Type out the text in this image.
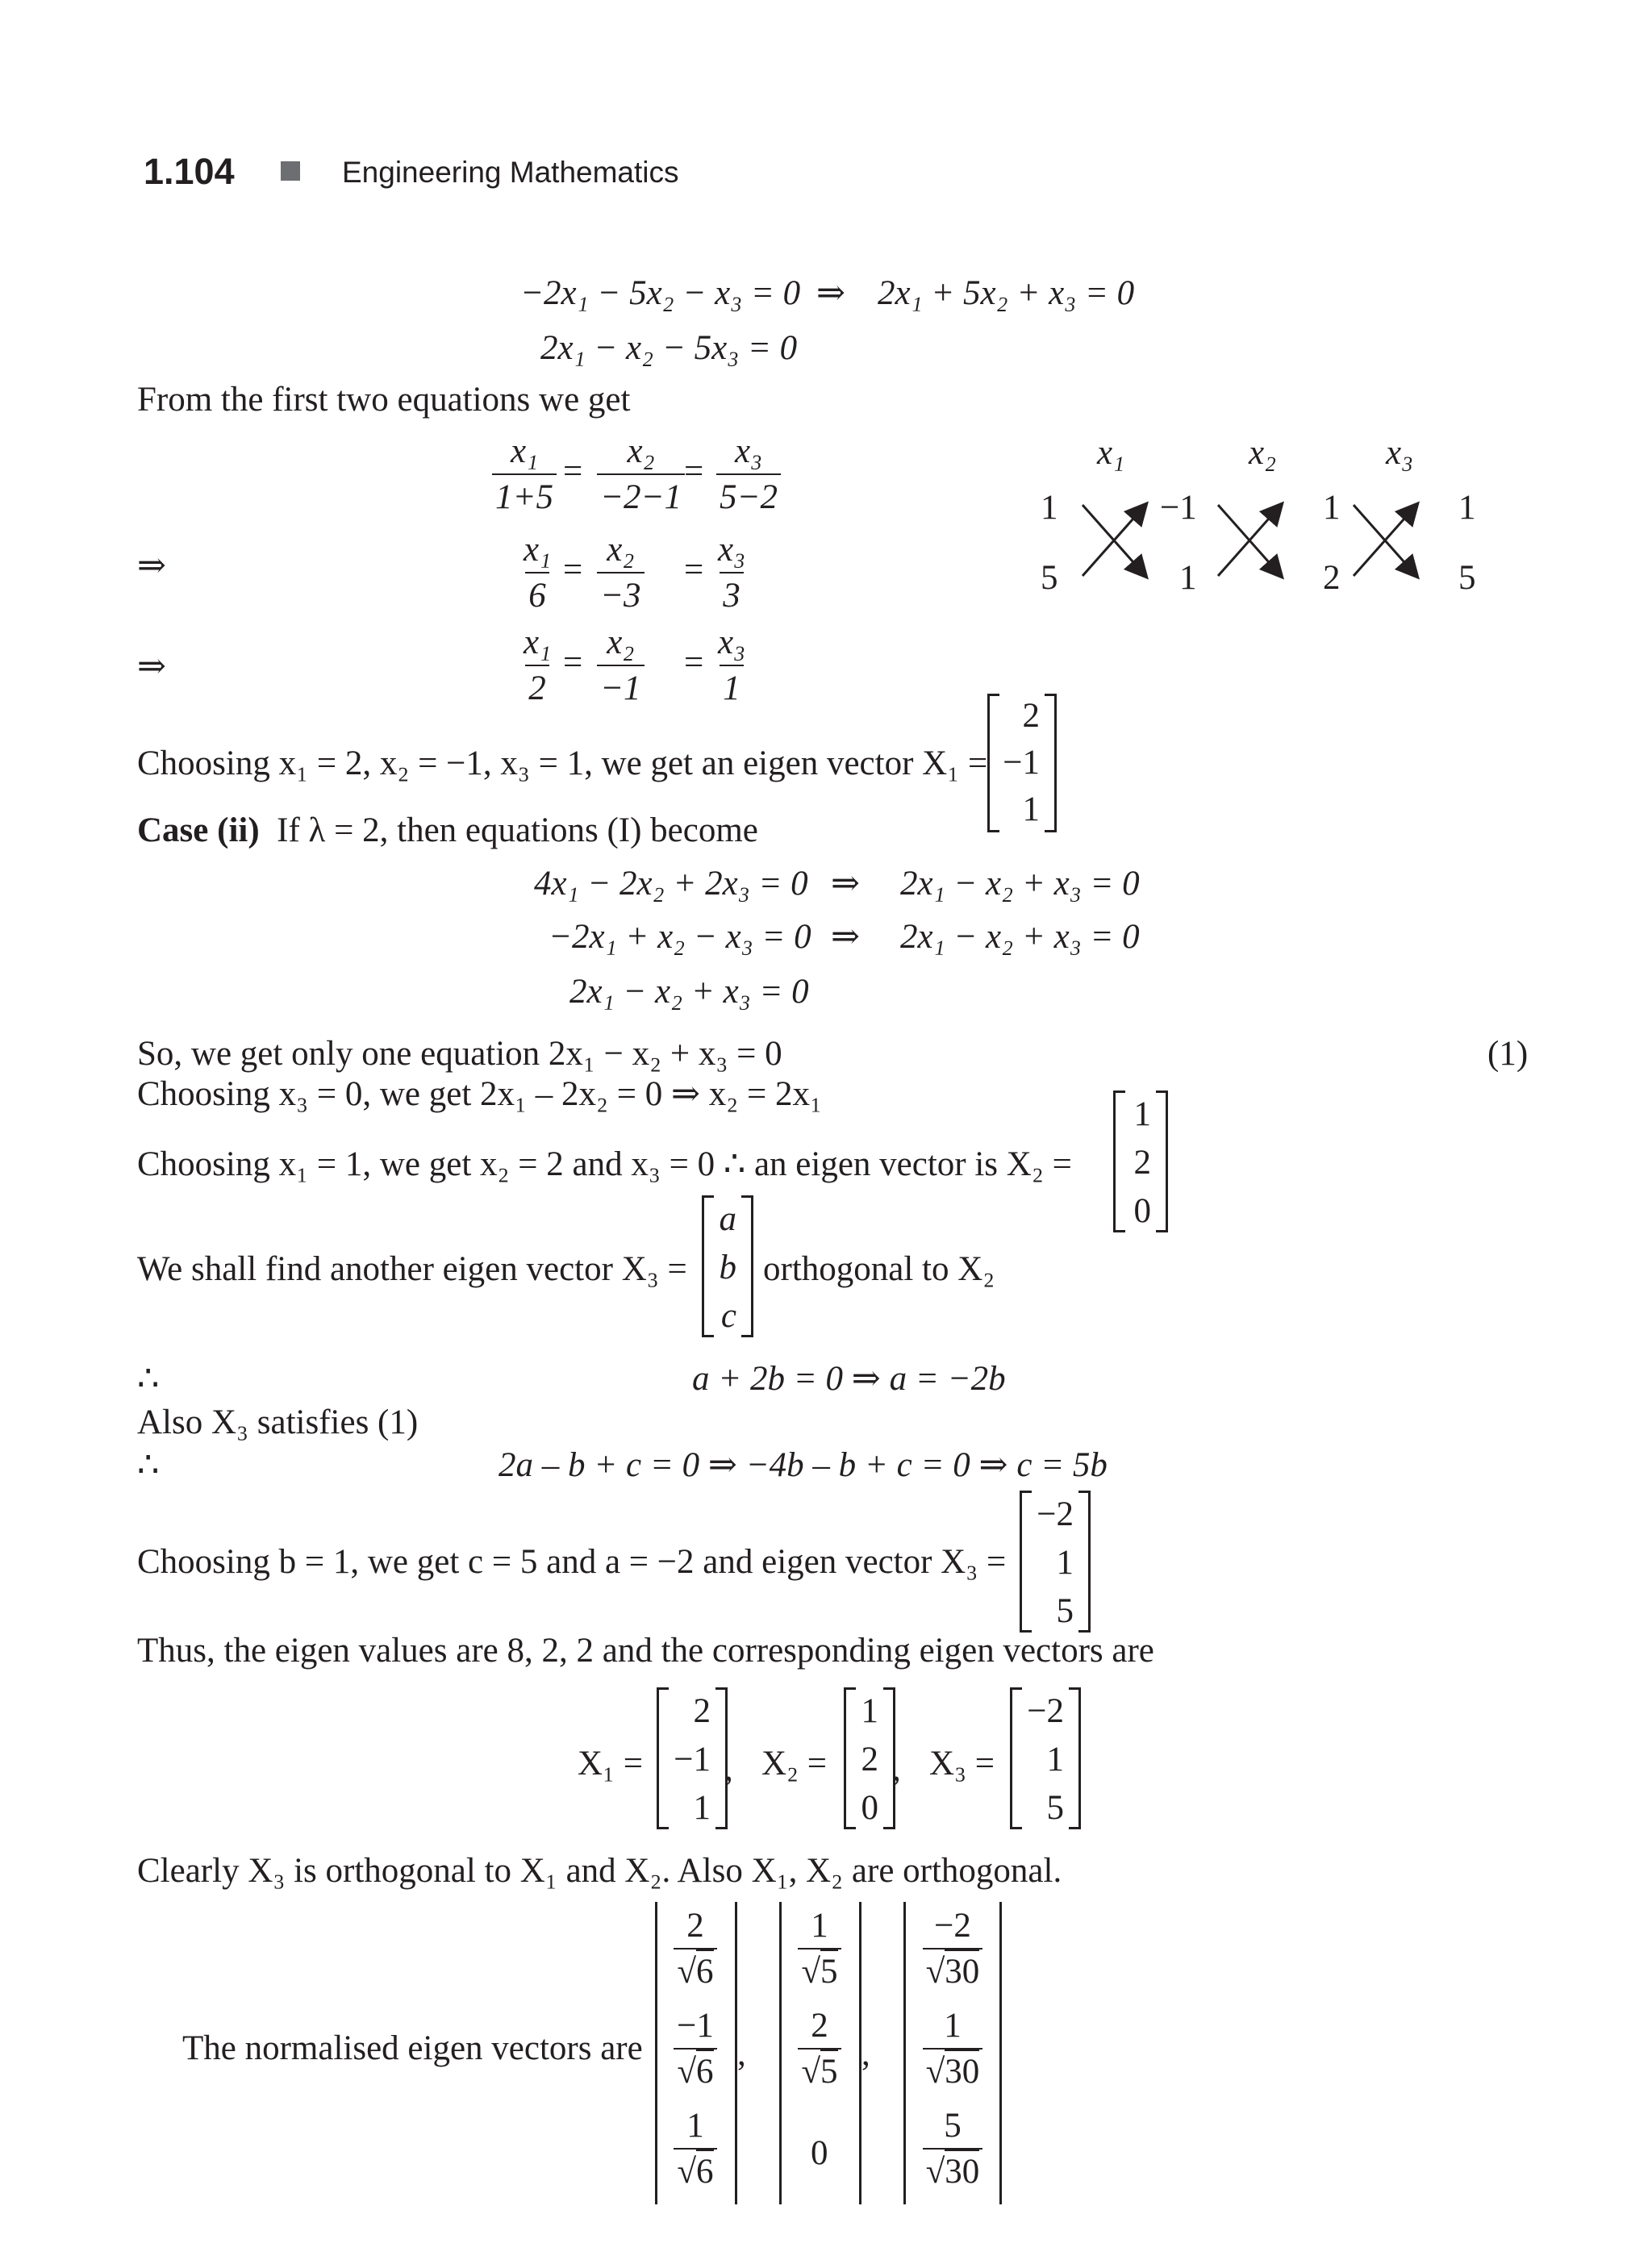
1.104	Engineering Mathematics
−2x₁ − 5x₂ − x₃ = 0 ⇒ 2x₁ + 5x₂ + x₃ = 0
2x₁ − x₂ − 5x₃ = 0
From the first two equations we get
$\frac{\text{x₁}}{1+5} = \frac{\text{x₂}}{-2-1}$
= $\frac{\text{x₃}}{5-2}$
⇒	$\frac{\text{x₁}}{6} = \frac{\text{x₂}}{-3} = \frac{\text{x₃}}{3}$
⇒	$\frac{\text{x₁}}{2} = \frac{\text{x₂}}{-1} = \frac{\text{x₃}}{1}$
x₁	x₂	x₃
1	−1	1	1
5	1	2	5
Choosing x₁ = 2, x₂ = −1, x₃ = 1, we get an eigen vector X₁ =
2
−1
1
Case (ii) If λ = 2, then equations (I) become
4x₁ − 2x₂ + 2x₃ = 0 ⇒ 2x₁ − x₂ + x₃ = 0
−2x₁ + x₂ − x₃ = 0 ⇒ 2x₁ − x₂ + x₃ = 0
2x₁ − x₂ + x₃ = 0
So, we get only one equation 2x₁ − x₂ + x₃ = 0	(1)
Choosing x₃ = 0, we get 2x₁ – 2x₂ = 0 ⇒ x₂ = 2x₁
Choosing x₁ = 1, we get x₂ = 2 and x₃ = 0 ∴ an eigen vector is X₂ =
1
2
0
We shall find another eigen vector X₃ =
a
b
c
orthogonal to X₂
∴	a + 2b = 0 ⇒ a = −2b
Also X₃ satisfies (1)
∴	2a – b + c = 0 ⇒ −4b – b + c = 0 ⇒ c = 5b
Choosing b = 1, we get c = 5 and a = −2 and eigen vector X₃ =
−2
1
5
Thus, the eigen values are 8, 2, 2 and the corresponding eigen vectors are
X₁ =
2
−1
1
, X₂ =
1
2
0
, X₃ =
−2
1
5
Clearly X₃ is orthogonal to X₁ and X₂. Also X₁, X₂ are orthogonal.
The normalised eigen vectors are
$\frac{2}{√6}$
$\frac{-1}{√6}$
$\frac{1}{√6}$
,
$\frac{1}{√5}$
$\frac{2}{√5}$
0
,
$\frac{-2}{√30}$
$\frac{1}{√30}$
$\frac{5}{√30}$
